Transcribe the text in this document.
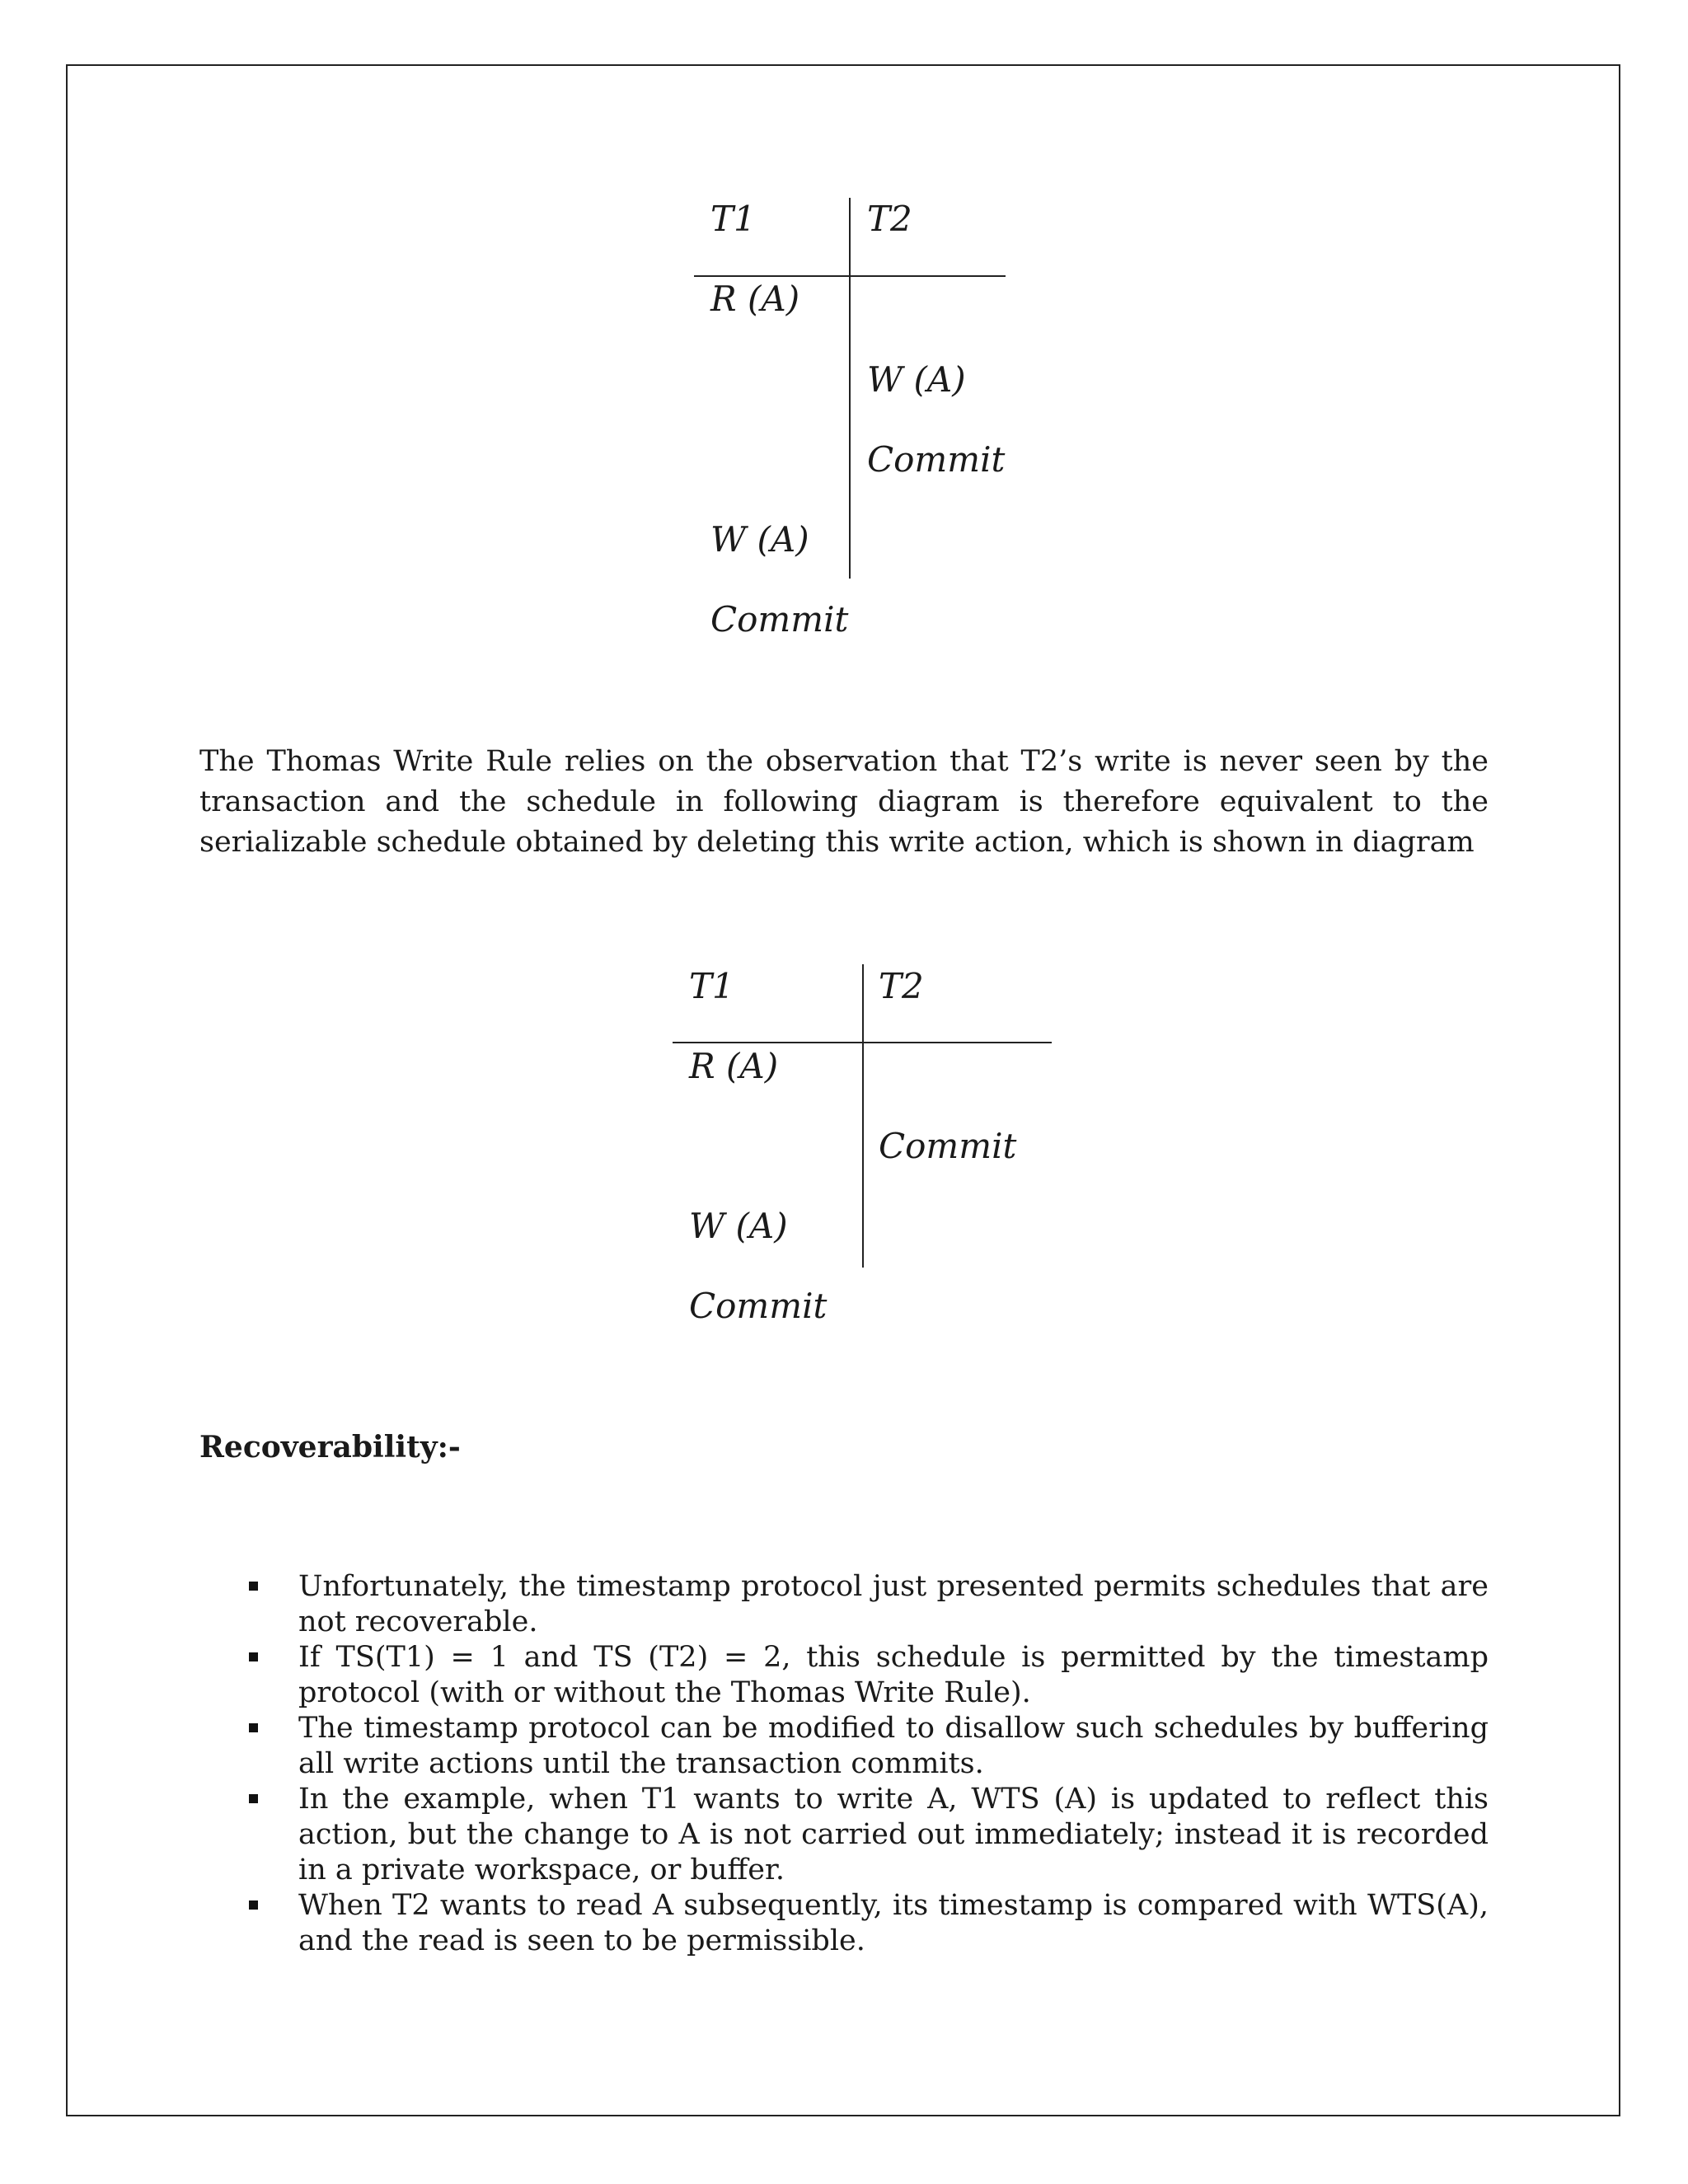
T1	T2
R (A)
W (A)
Commit
W (A)
Commit
The Thomas Write Rule relies on the observation that T2’s write is never seen by the transaction and the schedule in following diagram is therefore equivalent to the serializable schedule obtained by deleting this write action, which is shown in diagram
T1	T2
R (A)
Commit
W (A)
Commit
Recoverability:-
Unfortunately, the timestamp protocol just presented permits schedules that are not recoverable.
If TS(T1) = 1 and TS (T2) = 2, this schedule is permitted by the timestamp protocol (with or without the Thomas Write Rule).
The timestamp protocol can be modified to disallow such schedules by buffering all write actions until the transaction commits.
In the example, when T1 wants to write A, WTS (A) is updated to reflect this action, but the change to A is not carried out immediately; instead it is recorded in a private workspace, or buffer.
When T2 wants to read A subsequently, its timestamp is compared with WTS(A), and the read is seen to be permissible.
